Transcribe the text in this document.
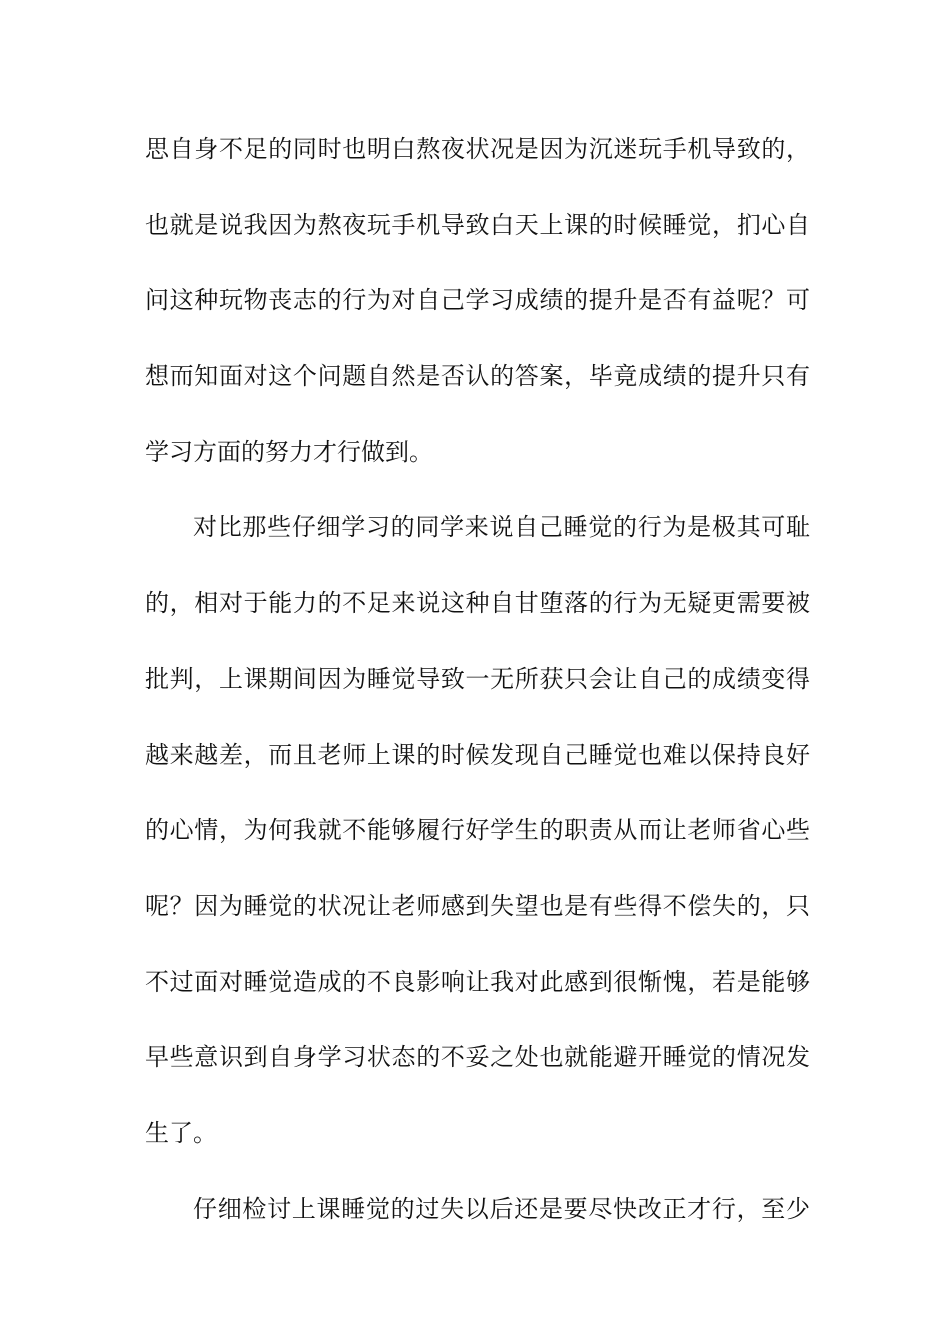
思自身不足的同时也明白熬夜状况是因为沉迷玩手机导致的，
也就是说我因为熬夜玩手机导致白天上课的时候睡觉，扪心自
问这种玩物丧志的行为对自己学习成绩的提升是否有益呢？可
想而知面对这个问题自然是否认的答案，毕竟成绩的提升只有
学习方面的努力才行做到。
对比那些仔细学习的同学来说自己睡觉的行为是极其可耻
的，相对于能力的不足来说这种自甘堕落的行为无疑更需要被
批判，上课期间因为睡觉导致一无所获只会让自己的成绩变得
越来越差，而且老师上课的时候发现自己睡觉也难以保持良好
的心情，为何我就不能够履行好学生的职责从而让老师省心些
呢？因为睡觉的状况让老师感到失望也是有些得不偿失的，只
不过面对睡觉造成的不良影响让我对此感到很惭愧，若是能够
早些意识到自身学习状态的不妥之处也就能避开睡觉的情况发
生了。
仔细检讨上课睡觉的过失以后还是要尽快改正才行，至少
